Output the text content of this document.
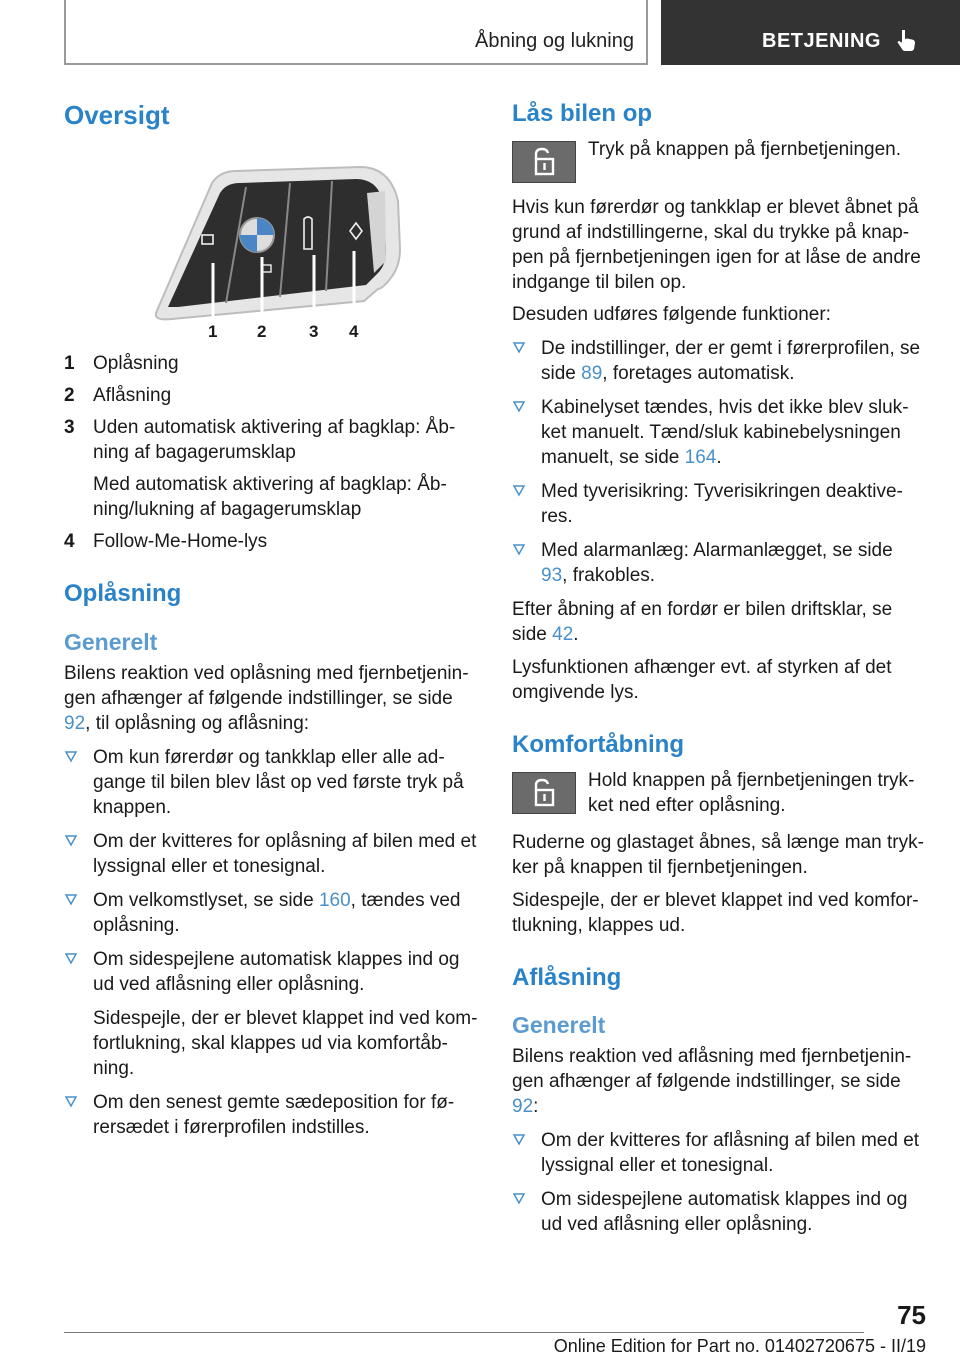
Åbning og lukning	BETJENING
Oversigt
1 2	3 4
1 Oplåsning
2 Aflåsning
3 Uden automatisk aktivering af bagklap: Åbning af bagagerumsklap
Med automatisk aktivering af bagklap: Åbning/lukning af bagagerumsklap
4 Follow-Me-Home-lys
Oplåsning
Generelt

Bilens reaktion ved oplåsning med fjernbetjeningen afhænger af følgende indstillinger, se side 92, til oplåsning og aflåsning:

Om kun førerdør og tankklap eller alle adgange til bilen blev låst op ved første tryk på knappen.
Om der kvitteres for oplåsning af bilen med et lyssignal eller et tonesignal.
Om velkomstlyset, se side 160, tændes ved oplåsning.
Om sidespejlene automatisk klappes ind og ud ved aflåsning eller oplåsning.
Sidespejle, der er blevet klappet ind ved komfortlukning, skal klappes ud via komfortåbning.
Om den senest gemte sædeposition for førersædet i førerprofilen indstilles.
Lås bilen op
Tryk på knappen på fjernbetjeningen.

Hvis kun førerdør og tankklap er blevet åbnet på grund af indstillingerne, skal du trykke på knappen på fjernbetjeningen igen for at låse de andre indgange til bilen op.

Desuden udføres følgende funktioner:

De indstillinger, der er gemt i førerprofilen, se side 89, foretages automatisk.
Kabinelyset tændes, hvis det ikke blev slukket manuelt. Tænd/sluk kabinebelysningen manuelt, se side 164.
Med tyverisikring: Tyverisikringen deaktiveres.
Med alarmanlæg: Alarmanlægget, se side 93, frakobles.

Efter åbning af en fordør er bilen driftsklar, se side 42.

Lysfunktionen afhænger evt. af styrken af det omgivende lys.

Komfortåbning
Hold knappen på fjernbetjeningen trykket ned efter oplåsning.

Ruderne og glastaget åbnes, så længe man trykker på knappen til fjernbetjeningen.

Sidespejle, der er blevet klappet ind ved komfortlukning, klappes ud.

Aflåsning
Generelt

Bilens reaktion ved aflåsning med fjernbetjeningen afhænger af følgende indstillinger, se side 92:

Om der kvitteres for aflåsning af bilen med et lyssignal eller et tonesignal.
Om sidespejlene automatisk klappes ind og ud ved aflåsning eller oplåsning.
75
Online Edition for Part no. 01402720675 - II/19
